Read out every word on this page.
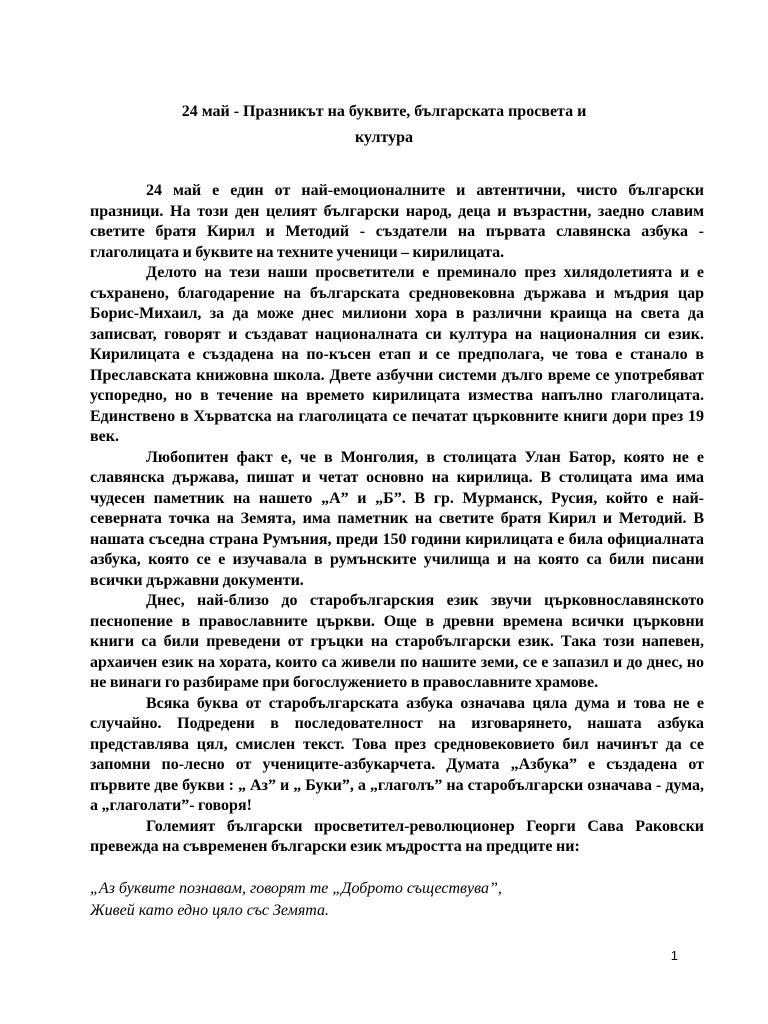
24 май - Празникът на буквите, българската просвета и
култура

24 май е един от най-емоционалните и автентични, чисто български празници. На този ден целият български народ, деца и възрастни, заедно славим светите братя Кирил и Методий - създатели на първата славянска азбука - глаголицата и буквите на техните ученици – кирилицата.

Делото на тези наши просветители е преминало през хилядолетията и е съхранено, благодарение на българската средновековна държава и мъдрия цар Борис-Михаил, за да може днес милиони хора в различни краища на света да записват, говорят и създават националната си култура на националния си език. Кирилицата е създадена на по-късен етап и се предполага, че това е станало в Преславската книжовна школа. Двете азбучни системи дълго време се употребяват успоредно, но в течение на времето кирилицата измества напълно глаголицата. Единствено в Хърватска на глаголицата се печатат църковните книги дори през 19 век.

Любопитен факт е, че в Монголия, в столицата Улан Батор, която не е славянска държава, пишат и четат основно на кирилица. В столицата има има чудесен паметник на нашето „А” и „Б”. В гр. Мурманск, Русия, който е най-северната точка на Земята, има паметник на светите братя Кирил и Методий. В нашата съседна страна Румъния, преди 150 години кирилицата е била официалната азбука, която се е изучавала в румънските училища и на която са били писани всички държавни документи.

Днес, най-близо до старобългарския език звучи църковнославянското песнопение в православните църкви. Още в древни времена всички църковни книги са били преведени от гръцки на старобългарски език. Така този напевен, архаичен език на хората, които са живели по нашите земи, се е запазил и до днес, но не винаги го разбираме при богослужението в православните храмове.

Всяка буква от старобългарската азбука означава цяла дума и това не е случайно. Подредени в последователност на изговарянето, нашата азбука представлява цял, смислен текст. Това през средновековието бил начинът да се запомни по-лесно от учениците-азбукарчета. Думата „Азбука” е създадена от първите две букви : „ Аз” и „ Буки”, а „глаголъ” на старобългарски означава - дума, а „глаголати”- говоря!

Големият български просветител-революционер Георги Сава Раковски превежда на съвременен български език мъдростта на предците ни:

„Аз буквите познавам, говорят те „Доброто съществува”,
Живей като едно цяло със Земята.

1
